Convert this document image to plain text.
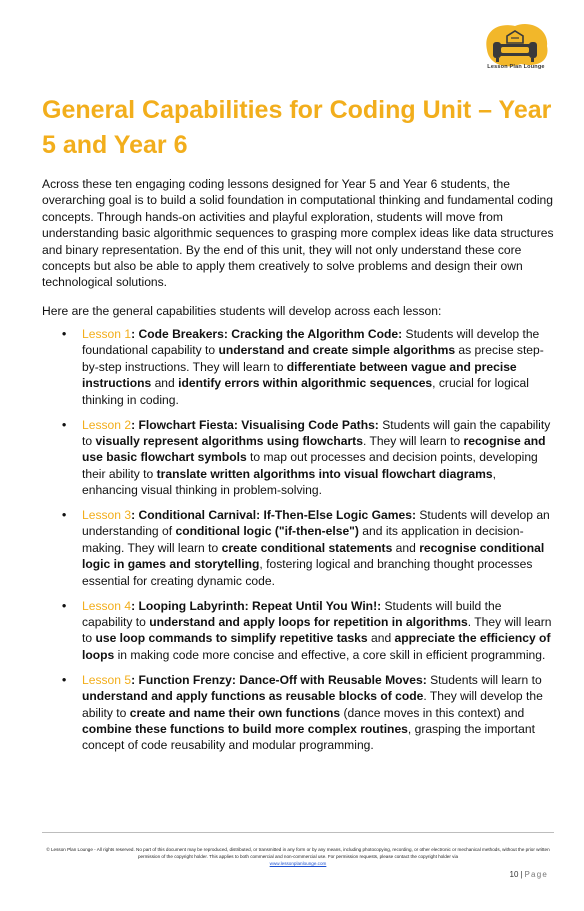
Lesson Plan Lounge
General Capabilities for Coding Unit – Year 5 and Year 6

Across these ten engaging coding lessons designed for Year 5 and Year 6 students, the overarching goal is to build a solid foundation in computational thinking and fundamental coding concepts. Through hands-on activities and playful exploration, students will move from understanding basic algorithmic sequences to grasping more complex ideas like data structures and binary representation. By the end of this unit, they will not only understand these core concepts but also be able to apply them creatively to solve problems and design their own technological solutions.

Here are the general capabilities students will develop across each lesson:

• Lesson 1: Code Breakers: Cracking the Algorithm Code: Students will develop the foundational capability to understand and create simple algorithms as precise step-by-step instructions. They will learn to differentiate between vague and precise instructions and identify errors within algorithmic sequences, crucial for logical thinking in coding.
• Lesson 2: Flowchart Fiesta: Visualising Code Paths: Students will gain the capability to visually represent algorithms using flowcharts. They will learn to recognise and use basic flowchart symbols to map out processes and decision points, developing their ability to translate written algorithms into visual flowchart diagrams, enhancing visual thinking in problem-solving.
• Lesson 3: Conditional Carnival: If-Then-Else Logic Games: Students will develop an understanding of conditional logic ("if-then-else") and its application in decision-making. They will learn to create conditional statements and recognise conditional logic in games and storytelling, fostering logical and branching thought processes essential for creating dynamic code.
• Lesson 4: Looping Labyrinth: Repeat Until You Win!: Students will build the capability to understand and apply loops for repetition in algorithms. They will learn to use loop commands to simplify repetitive tasks and appreciate the efficiency of loops in making code more concise and effective, a core skill in efficient programming.
• Lesson 5: Function Frenzy: Dance-Off with Reusable Moves: Students will learn to understand and apply functions as reusable blocks of code. They will develop the ability to create and name their own functions (dance moves in this context) and combine these functions to build more complex routines, grasping the important concept of code reusability and modular programming.

© Lesson Plan Lounge - All rights reserved. No part of this document may be reproduced, distributed, or transmitted in any form or by any means, including photocopying, recording, or other electronic or mechanical methods, without the prior written permission of the copyright holder. This applies to both commercial and non-commercial use. For permission requests, please contact the copyright holder via
www.lessonplanlounge.com

10 | Page
